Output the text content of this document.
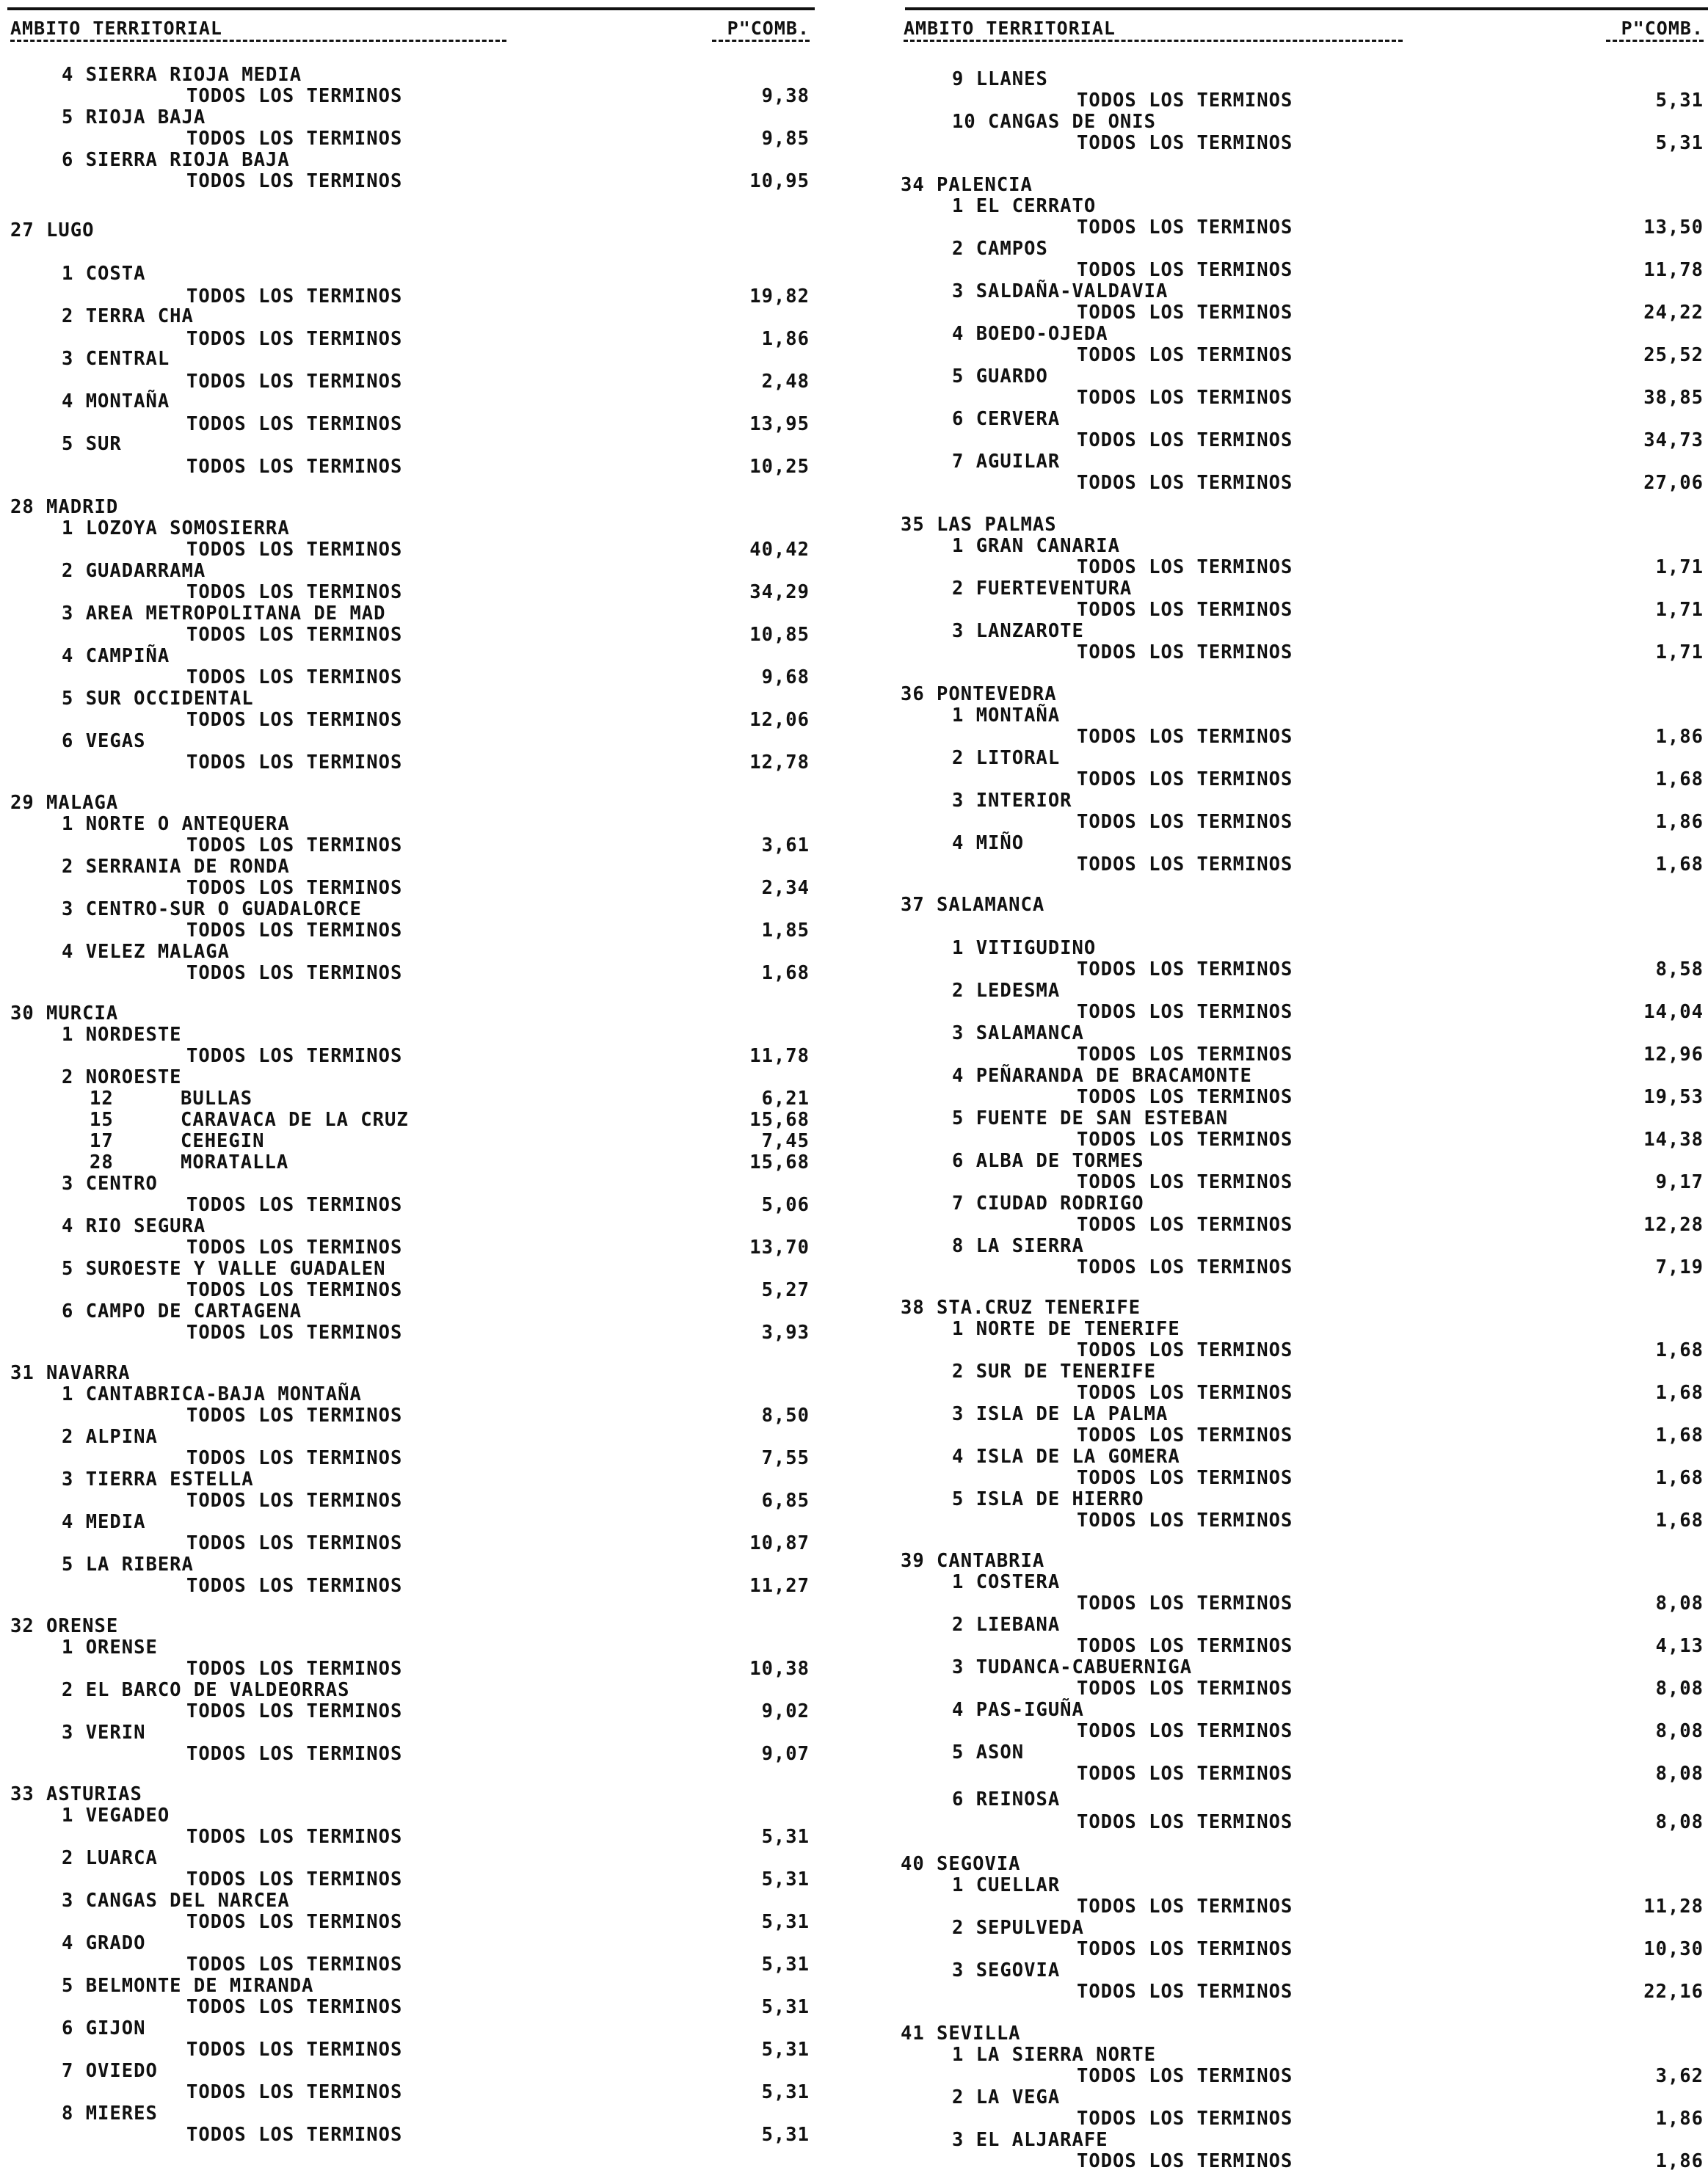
AMBITO TERRITORIAL	P"COMB.
4 SIERRA RIOJA MEDIA
TODOS LOS TERMINOS	9,38
5 RIOJA BAJA
TODOS LOS TERMINOS	9,85
6 SIERRA RIOJA BAJA
TODOS LOS TERMINOS	10,95
27 LUGO
1 COSTA
TODOS LOS TERMINOS	19,82
2 TERRA CHA
TODOS LOS TERMINOS	1,86
3 CENTRAL
TODOS LOS TERMINOS	2,48
4 MONTAÑA
TODOS LOS TERMINOS	13,95
5 SUR
TODOS LOS TERMINOS	10,25
28 MADRID
1 LOZOYA SOMOSIERRA
TODOS LOS TERMINOS	40,42
2 GUADARRAMA
TODOS LOS TERMINOS	34,29
3 AREA METROPOLITANA DE MAD
TODOS LOS TERMINOS	10,85
4 CAMPIÑA
TODOS LOS TERMINOS	9,68
5 SUR OCCIDENTAL
TODOS LOS TERMINOS	12,06
6 VEGAS
TODOS LOS TERMINOS	12,78
29 MALAGA
1 NORTE O ANTEQUERA
TODOS LOS TERMINOS	3,61
2 SERRANIA DE RONDA
TODOS LOS TERMINOS	2,34
3 CENTRO-SUR O GUADALORCE
TODOS LOS TERMINOS	1,85
4 VELEZ MALAGA
TODOS LOS TERMINOS	1,68
30 MURCIA
1 NORDESTE
TODOS LOS TERMINOS	11,78
2 NOROESTE
12	BULLAS	6,21
15	CARAVACA DE LA CRUZ	15,68
17	CEHEGIN	7,45
28	MORATALLA	15,68
3 CENTRO
TODOS LOS TERMINOS	5,06
4 RIO SEGURA
TODOS LOS TERMINOS	13,70
5 SUROESTE Y VALLE GUADALEN
TODOS LOS TERMINOS	5,27
6 CAMPO DE CARTAGENA
TODOS LOS TERMINOS	3,93
31 NAVARRA
1 CANTABRICA-BAJA MONTAÑA
TODOS LOS TERMINOS	8,50
2 ALPINA
TODOS LOS TERMINOS	7,55
3 TIERRA ESTELLA
TODOS LOS TERMINOS	6,85
4 MEDIA
TODOS LOS TERMINOS	10,87
5 LA RIBERA
TODOS LOS TERMINOS	11,27
32 ORENSE
1 ORENSE
TODOS LOS TERMINOS	10,38
2 EL BARCO DE VALDEORRAS
TODOS LOS TERMINOS	9,02
3 VERIN
TODOS LOS TERMINOS	9,07
33 ASTURIAS
1 VEGADEO
TODOS LOS TERMINOS	5,31
2 LUARCA
TODOS LOS TERMINOS	5,31
3 CANGAS DEL NARCEA
TODOS LOS TERMINOS	5,31
4 GRADO
TODOS LOS TERMINOS	5,31
5 BELMONTE DE MIRANDA
TODOS LOS TERMINOS	5,31
6 GIJON
TODOS LOS TERMINOS	5,31
7 OVIEDO
TODOS LOS TERMINOS	5,31
8 MIERES
TODOS LOS TERMINOS	5,31
AMBITO TERRITORIAL	P"COMB.
9 LLANES
TODOS LOS TERMINOS	5,31
10 CANGAS DE ONIS
TODOS LOS TERMINOS	5,31
34 PALENCIA
1 EL CERRATO
TODOS LOS TERMINOS	13,50
2 CAMPOS
TODOS LOS TERMINOS	11,78
3 SALDAÑA-VALDAVIA
TODOS LOS TERMINOS	24,22
4 BOEDO-OJEDA
TODOS LOS TERMINOS	25,52
5 GUARDO
TODOS LOS TERMINOS	38,85
6 CERVERA
TODOS LOS TERMINOS	34,73
7 AGUILAR
TODOS LOS TERMINOS	27,06
35 LAS PALMAS
1 GRAN CANARIA
TODOS LOS TERMINOS	1,71
2 FUERTEVENTURA
TODOS LOS TERMINOS	1,71
3 LANZAROTE
TODOS LOS TERMINOS	1,71
36 PONTEVEDRA
1 MONTAÑA
TODOS LOS TERMINOS	1,86
2 LITORAL
TODOS LOS TERMINOS	1,68
3 INTERIOR
TODOS LOS TERMINOS	1,86
4 MIÑO
TODOS LOS TERMINOS	1,68
37 SALAMANCA
1 VITIGUDINO
TODOS LOS TERMINOS	8,58
2 LEDESMA
TODOS LOS TERMINOS	14,04
3 SALAMANCA
TODOS LOS TERMINOS	12,96
4 PEÑARANDA DE BRACAMONTE
TODOS LOS TERMINOS	19,53
5 FUENTE DE SAN ESTEBAN
TODOS LOS TERMINOS	14,38
6 ALBA DE TORMES
TODOS LOS TERMINOS	9,17
7 CIUDAD RODRIGO
TODOS LOS TERMINOS	12,28
8 LA SIERRA
TODOS LOS TERMINOS	7,19
38 STA.CRUZ TENERIFE
1 NORTE DE TENERIFE
TODOS LOS TERMINOS	1,68
2 SUR DE TENERIFE
TODOS LOS TERMINOS	1,68
3 ISLA DE LA PALMA
TODOS LOS TERMINOS	1,68
4 ISLA DE LA GOMERA
TODOS LOS TERMINOS	1,68
5 ISLA DE HIERRO
TODOS LOS TERMINOS	1,68
39 CANTABRIA
1 COSTERA
TODOS LOS TERMINOS	8,08
2 LIEBANA
TODOS LOS TERMINOS	4,13
3 TUDANCA-CABUERNIGA
TODOS LOS TERMINOS	8,08
4 PAS-IGUÑA
TODOS LOS TERMINOS	8,08
5 ASON
TODOS LOS TERMINOS	8,08
6 REINOSA
TODOS LOS TERMINOS	8,08
40 SEGOVIA
1 CUELLAR
TODOS LOS TERMINOS	11,28
2 SEPULVEDA
TODOS LOS TERMINOS	10,30
3 SEGOVIA
TODOS LOS TERMINOS	22,16
41 SEVILLA
1 LA SIERRA NORTE
TODOS LOS TERMINOS	3,62
2 LA VEGA
TODOS LOS TERMINOS	1,86
3 EL ALJARAFE
TODOS LOS TERMINOS	1,86
